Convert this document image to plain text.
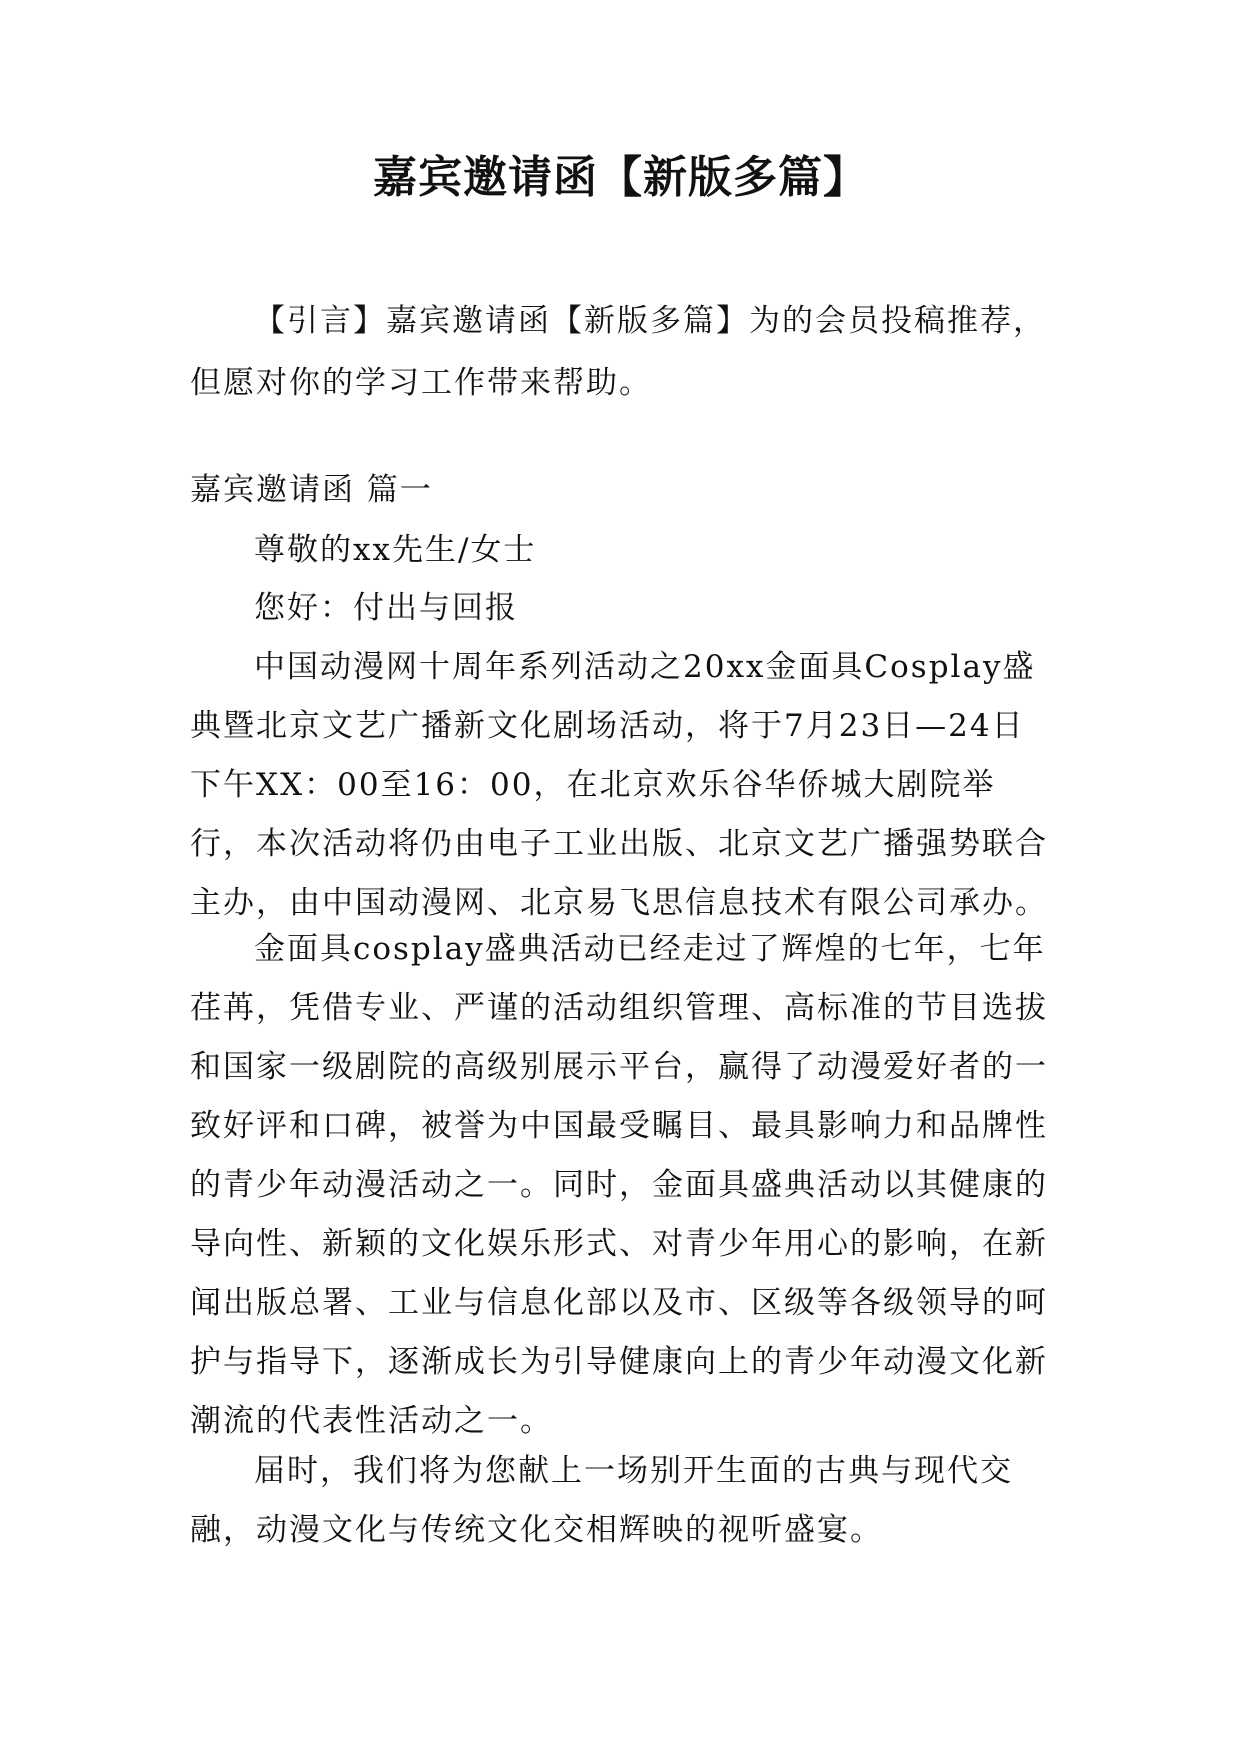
嘉宾邀请函【新版多篇】

【引言】嘉宾邀请函【新版多篇】为的会员投稿推荐，但愿对你的学习工作带来帮助。

嘉宾邀请函 篇一

尊敬的xx先生/女士

您好：付出与回报

中国动漫网十周年系列活动之20xx金面具Cosplay盛典暨北京文艺广播新文化剧场活动，将于7月23日—24日下午XX：00至16：00，在北京欢乐谷华侨城大剧院举行，本次活动将仍由电子工业出版、北京文艺广播强势联合主办，由中国动漫网、北京易飞思信息技术有限公司承办。

金面具cosplay盛典活动已经走过了辉煌的七年，七年荏苒，凭借专业、严谨的活动组织管理、高标准的节目选拔和国家一级剧院的高级别展示平台，赢得了动漫爱好者的一致好评和口碑，被誉为中国最受瞩目、最具影响力和品牌性的青少年动漫活动之一。同时，金面具盛典活动以其健康的导向性、新颖的文化娱乐形式、对青少年用心的影响，在新闻出版总署、工业与信息化部以及市、区级等各级领导的呵护与指导下，逐渐成长为引导健康向上的青少年动漫文化新潮流的代表性活动之一。

届时，我们将为您献上一场别开生面的古典与现代交融，动漫文化与传统文化交相辉映的视听盛宴。
